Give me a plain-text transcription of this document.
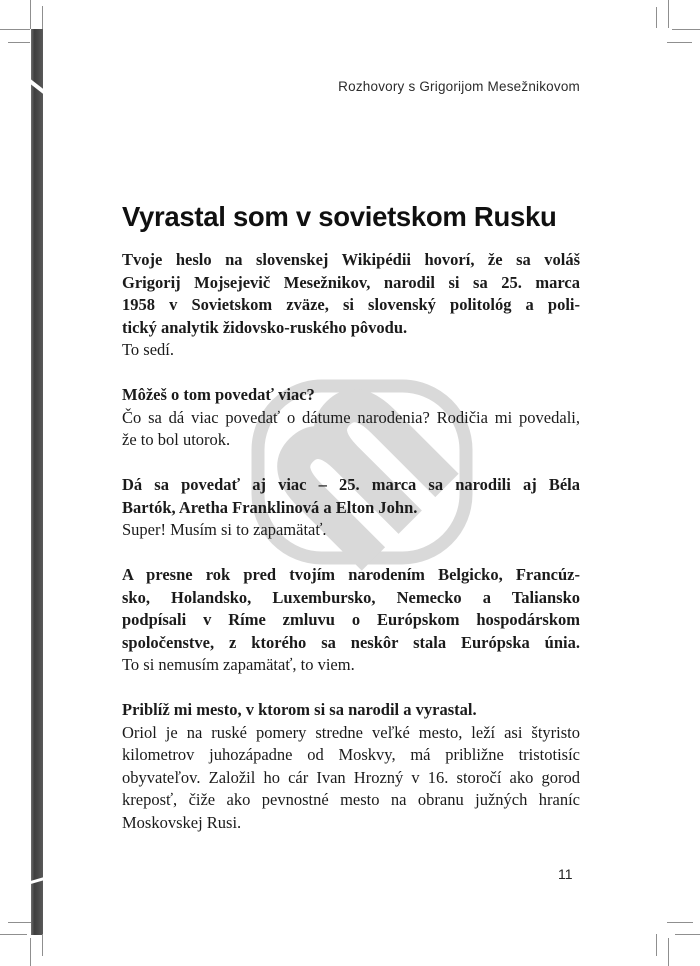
Rozhovory s Grigorijom Mesežnikovom
Vyrastal som v sovietskom Rusku
Tvoje heslo na slovenskej Wikipédii hovorí, že sa voláš
Grigorij Mojsejevič Mesežnikov, narodil si sa 25. marca
1958 v Sovietskom zväze, si slovenský politológ a poli-
tický analytik židovsko-ruského pôvodu.
To sedí.
Môžeš o tom povedať viac?
Čo sa dá viac povedať o dátume narodenia? Rodičia mi povedali,
že to bol utorok.
Dá sa povedať aj viac – 25. marca sa narodili aj Béla
Bartók, Aretha Franklinová a Elton John.
Super! Musím si to zapamätať.
A presne rok pred tvojím narodením Belgicko, Francúz-
sko, Holandsko, Luxembursko, Nemecko a Taliansko
podpísali v Ríme zmluvu o Európskom hospodárskom
spoločenstve, z ktorého sa neskôr stala Európska únia.
To si nemusím zapamätať, to viem.
Priblíž mi mesto, v ktorom si sa narodil a vyrastal.
Oriol je na ruské pomery stredne veľké mesto, leží asi štyristo
kilometrov juhozápadne od Moskvy, má približne tristotisíc
obyvateľov. Založil ho cár Ivan Hrozný v 16. storočí ako gorod
kreposť, čiže ako pevnostné mesto na obranu južných hraníc
Moskovskej Rusi.
11
